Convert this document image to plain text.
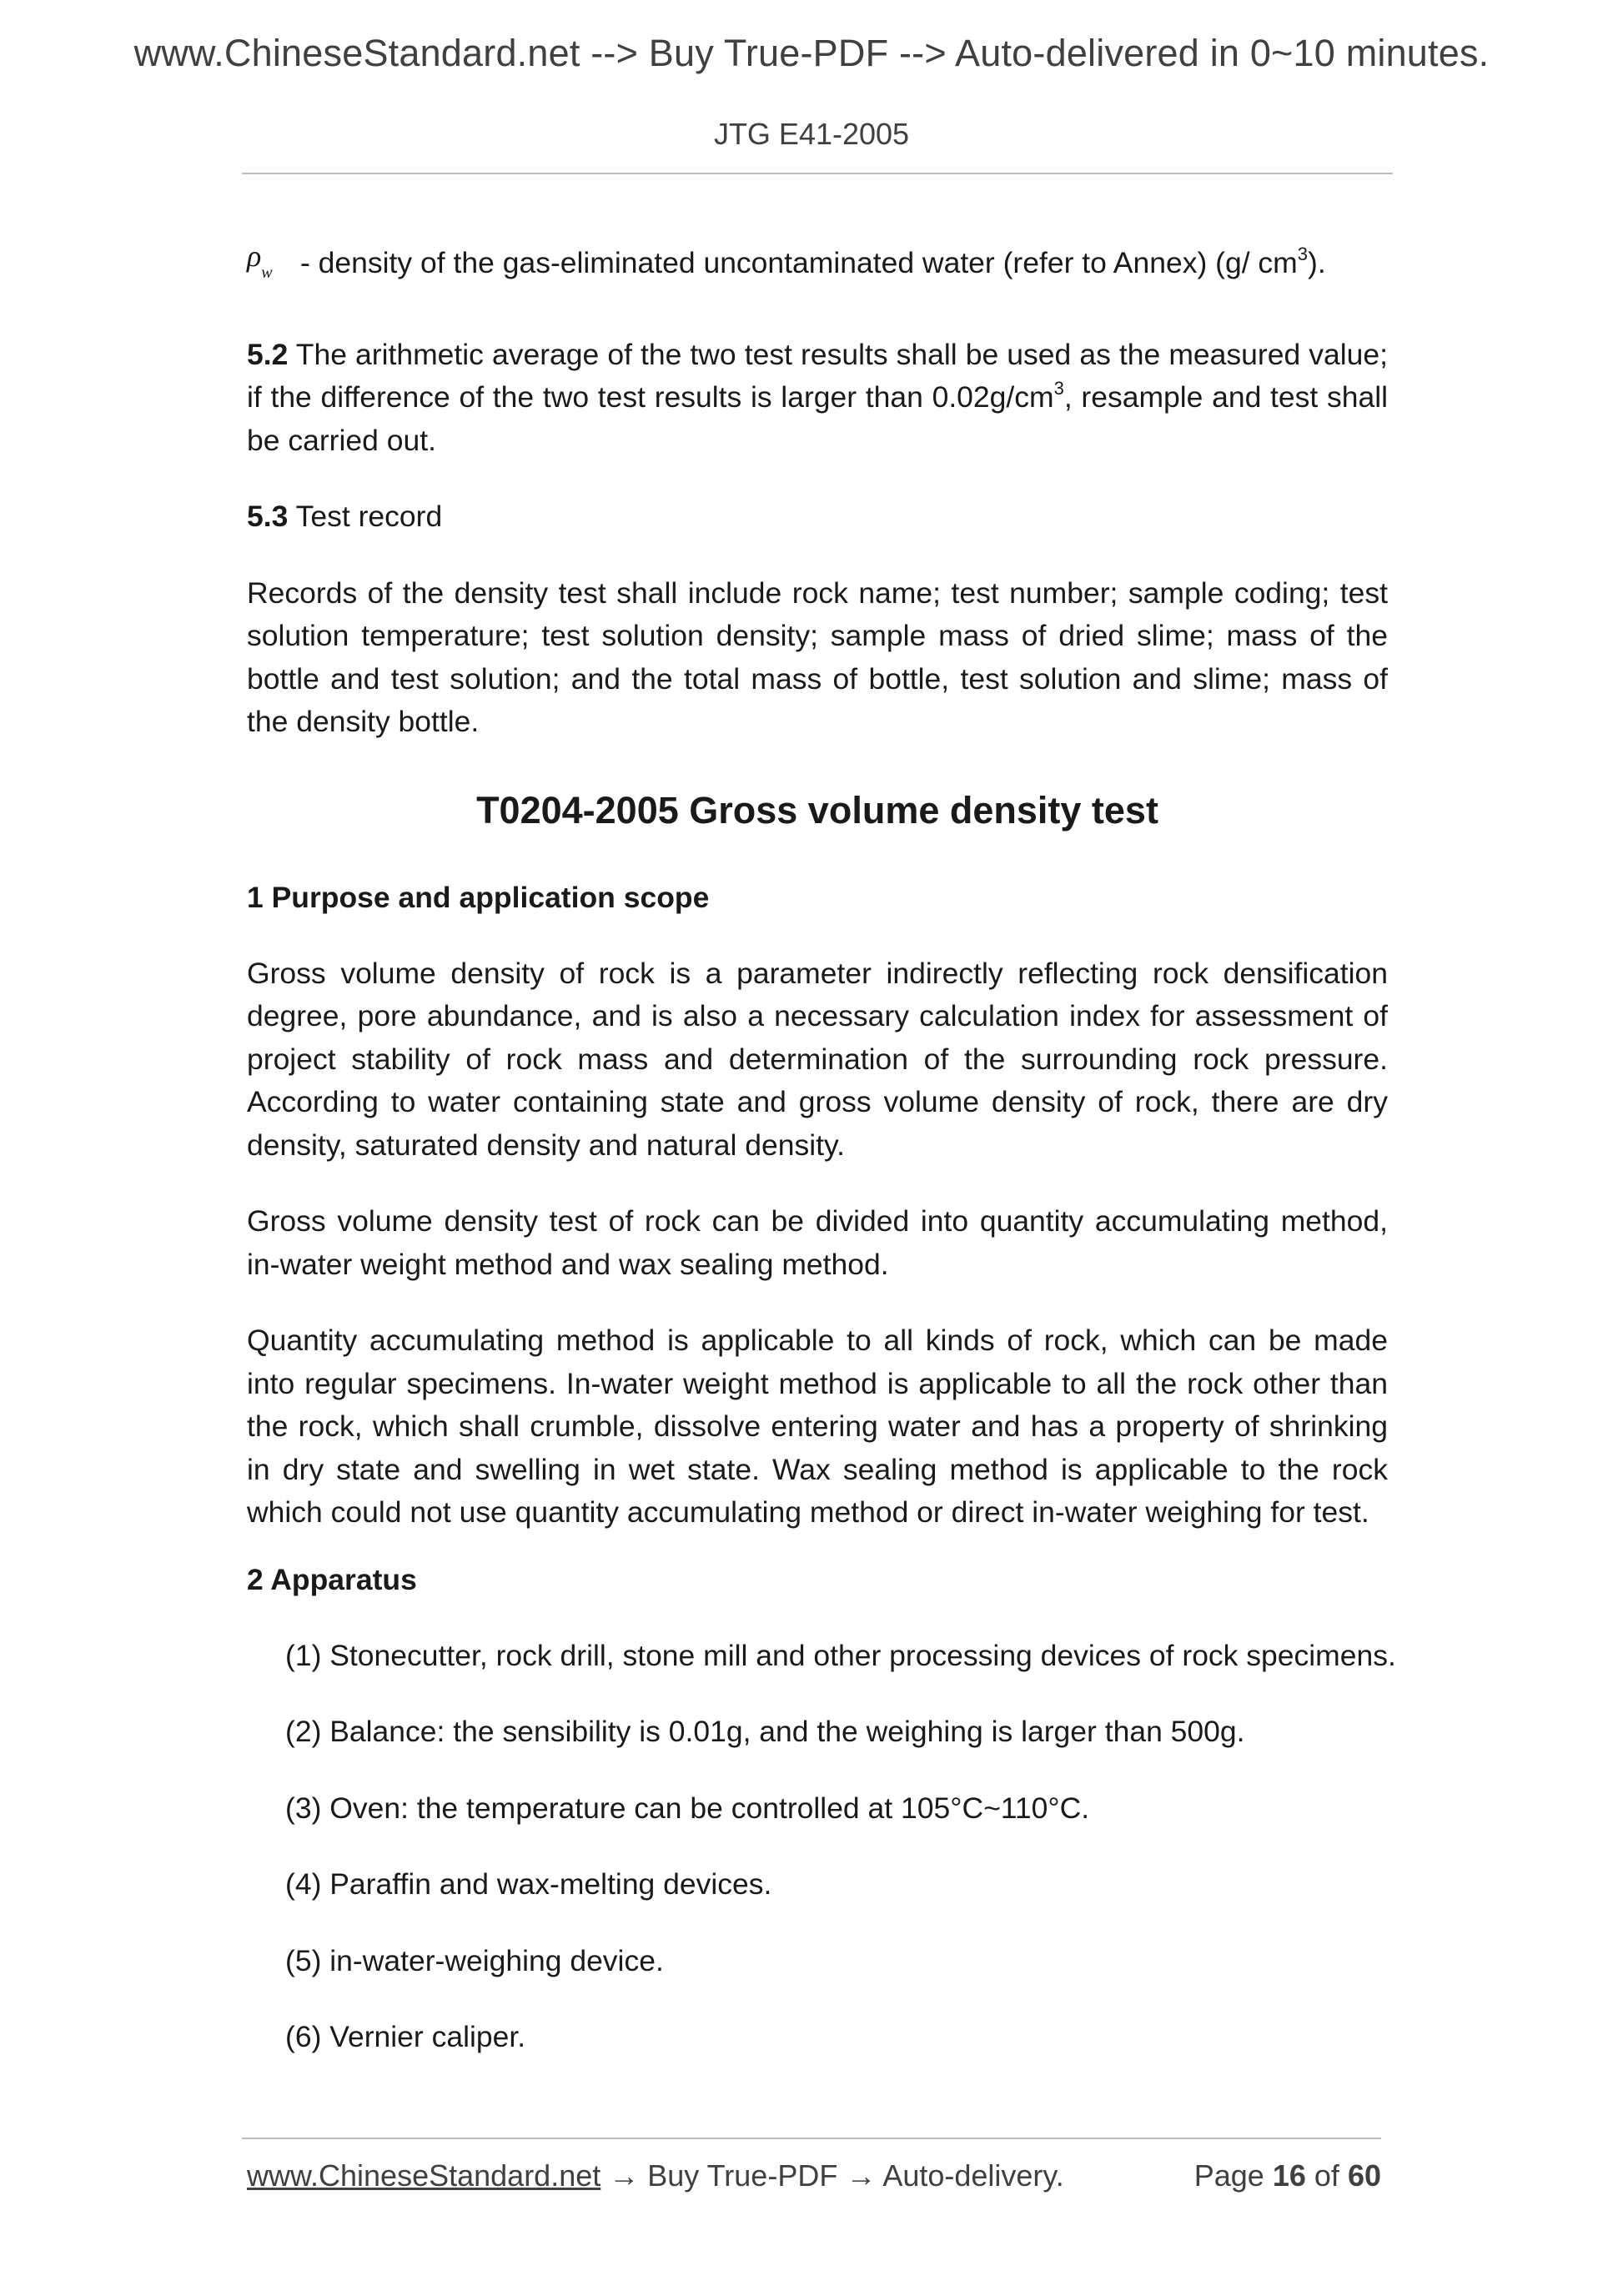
www.ChineseStandard.net --> Buy True-PDF --> Auto-delivered in 0~10 minutes.
JTG E41-2005

$\rho_w$ - density of the gas-eliminated uncontaminated water (refer to Annex) (g/ $cm^3$).

5.2 The arithmetic average of the two test results shall be used as the measured value; if the difference of the two test results is larger than $0.02g/cm^3$, resample and test shall be carried out.

5.3 Test record

Records of the density test shall include rock name; test number; sample coding; test solution temperature; test solution density; sample mass of dried slime; mass of the bottle and test solution; and the total mass of bottle, test solution and slime; mass of the density bottle.

T0204-2005 Gross volume density test
1 Purpose and application scope

Gross volume density of rock is a parameter indirectly reflecting rock densification degree, pore abundance, and is also a necessary calculation index for assessment of project stability of rock mass and determination of the surrounding rock pressure. According to water containing state and gross volume density of rock, there are dry density, saturated density and natural density.

Gross volume density test of rock can be divided into quantity accumulating method, in-water weight method and wax sealing method.

Quantity accumulating method is applicable to all kinds of rock, which can be made into regular specimens. In-water weight method is applicable to all the rock other than the rock, which shall crumble, dissolve entering water and has a property of shrinking in dry state and swelling in wet state. Wax sealing method is applicable to the rock which could not use quantity accumulating method or direct in-water weighing for test.

2 Apparatus

(1) Stonecutter, rock drill, stone mill and other processing devices of rock specimens.

(2) Balance: the sensibility is 0.01g, and the weighing is larger than 500g.

(3) Oven: the temperature can be controlled at 105°C~110°C.

(4) Paraffin and wax-melting devices.

(5) in-water-weighing device.

(6) Vernier caliper.

www.ChineseStandard.net → Buy True-PDF → Auto-delivery.	Page 16 of 60
